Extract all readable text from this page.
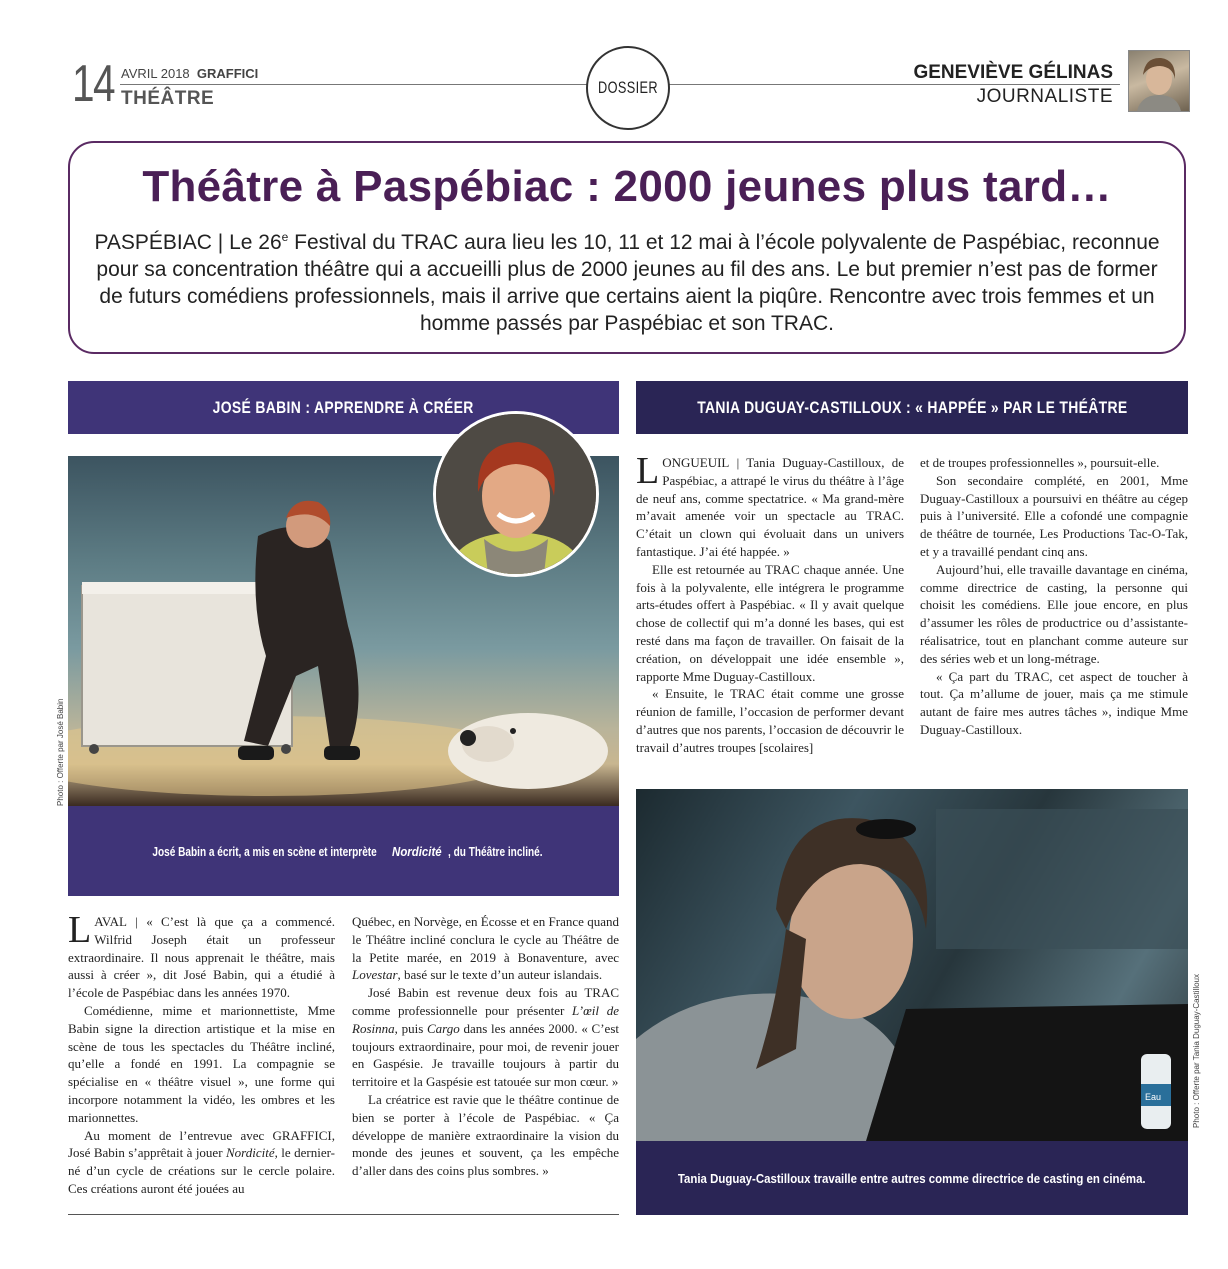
14 AVRIL 2018 GRAFFICI
THÉÂTRE
DOSSIER
GENEVIÈVE GÉLINAS
JOURNALISTE
Théâtre à Paspébiac : 2000 jeunes plus tard…
PASPÉBIAC | Le 26e Festival du TRAC aura lieu les 10, 11 et 12 mai à l’école polyvalente de Paspébiac, reconnue pour sa concentration théâtre qui a accueilli plus de 2000 jeunes au fil des ans. Le but premier n’est pas de former de futurs comédiens professionnels, mais il arrive que certains aient la piqûre. Rencontre avec trois femmes et un homme passés par Paspébiac et son TRAC.
JOSÉ BABIN : APPRENDRE À CRÉER	TANIA DUGUAY-CASTILLOUX : « HAPPÉE » PAR LE THÉÂTRE
Photo : Offerte par José Babin
José Babin a écrit, a mis en scène et interprèteNordicité , du Théâtre incliné.

LAVAL | « C’est là que ça a commencé. Wilfrid Joseph était un professeur extraordinaire. Il nous apprenait le théâtre, mais aussi à créer », dit José Babin, qui a étudié à l’école de Paspébiac dans les années 1970.

Comédienne, mime et marionnettiste, Mme Babin signe la direction artistique et la mise en scène de tous les spectacles du Théâtre incliné, qu’elle a fondé en 1991. La compagnie se spécialise en « théâtre visuel », une forme qui incorpore notamment la vidéo, les ombres et les marionnettes.

Au moment de l’entrevue avec GRAFFICI, José Babin s’apprêtait à jouer Nordicité, le dernier-né d’un cycle de créations sur le cercle polaire. Ces créations auront été jouées au

Québec, en Norvège, en Écosse et en France quand le Théâtre incliné conclura le cycle au Théâtre de la Petite marée, en 2019 à Bonaventure, avec Lovestar, basé sur le texte d’un auteur islandais.

José Babin est revenue deux fois au TRAC comme professionnelle pour présenter L’œil de Rosinna, puis Cargo dans les années 2000. « C’est toujours extraordinaire, pour moi, de revenir jouer en Gaspésie. Je travaille toujours à partir du territoire et la Gaspésie est tatouée sur mon cœur. »

La créatrice est ravie que le théâtre continue de bien se porter à l’école de Paspébiac. « Ça développe de manière extraordinaire la vision du monde des jeunes et souvent, ça les empêche d’aller dans des coins plus sombres. »

LONGUEUIL | Tania Duguay-Castilloux, de Paspébiac, a attrapé le virus du théâtre à l’âge de neuf ans, comme spectatrice. « Ma grand-mère m’avait amenée voir un spectacle au TRAC. C’était un clown qui évoluait dans un univers fantastique. J’ai été happée. »

Elle est retournée au TRAC chaque année. Une fois à la polyvalente, elle intégrera le programme arts-études offert à Paspébiac. « Il y avait quelque chose de collectif qui m’a donné les bases, qui est resté dans ma façon de travailler. On faisait de la création, on développait une idée ensemble », rapporte Mme Duguay-Castilloux.

« Ensuite, le TRAC était comme une grosse réunion de famille, l’occasion de performer devant d’autres que nos parents, l’occasion de découvrir le travail d’autres troupes [scolaires]

et de troupes professionnelles », poursuit-elle.

Son secondaire complété, en 2001, Mme Duguay-Castilloux a poursuivi en théâtre au cégep puis à l’université. Elle a cofondé une compagnie de théâtre de tournée, Les Productions Tac-O-Tak, et y a travaillé pendant cinq ans.

Aujourd’hui, elle travaille davantage en cinéma, comme directrice de casting, la personne qui choisit les comédiens. Elle joue encore, en plus d’assumer les rôles de productrice ou d’assistante-réalisatrice, tout en planchant comme auteure sur des séries web et un long-métrage.

« Ça part du TRAC, cet aspect de toucher à tout. Ça m’allume de jouer, mais ça me stimule autant de faire mes autres tâches », indique Mme Duguay-Castilloux.

Eau	Photo : Offerte par Tania Duguay-Castilloux
Tania Duguay-Castilloux travaille entre autres comme directrice de casting en cinéma.
